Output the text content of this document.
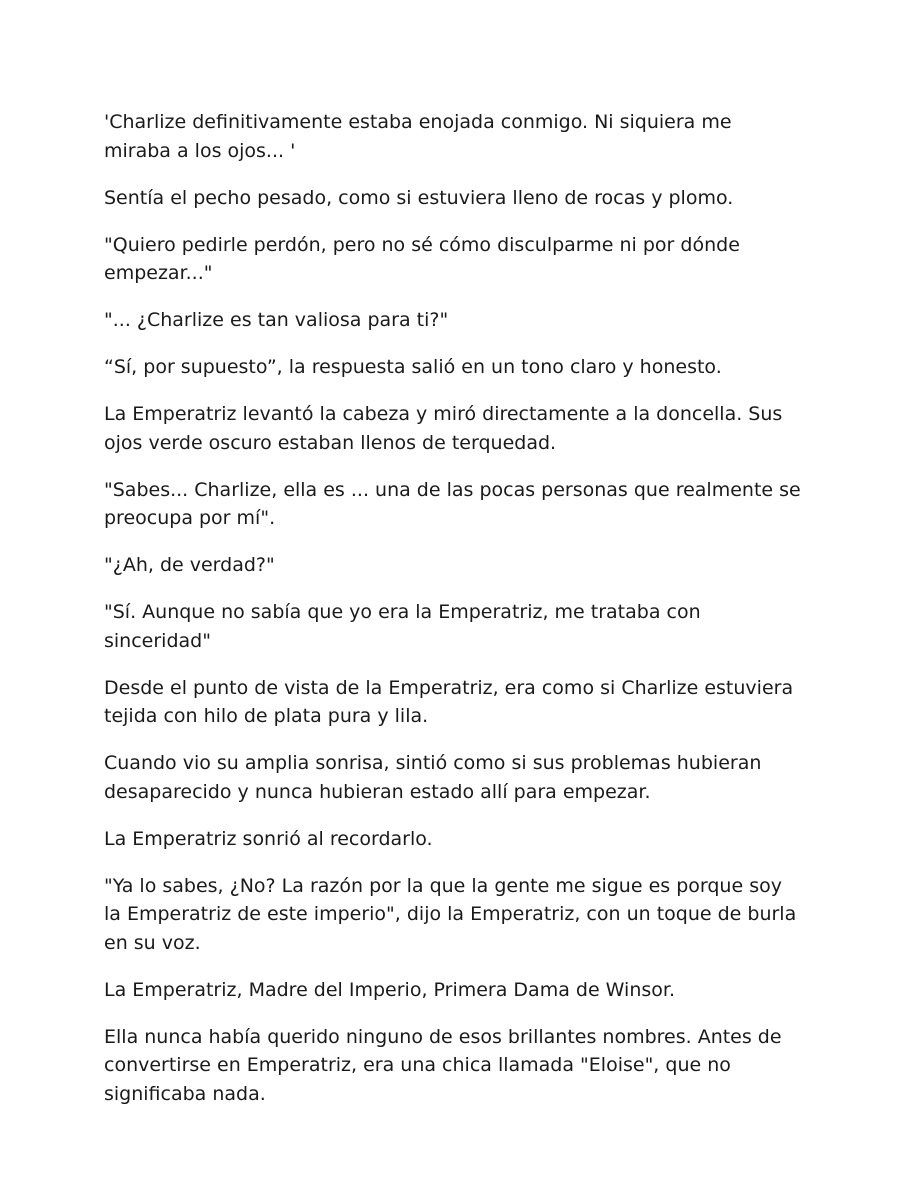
'Charlize definitivamente estaba enojada conmigo. Ni siquiera me miraba a los ojos... '

Sentía el pecho pesado, como si estuviera lleno de rocas y plomo.

"Quiero pedirle perdón, pero no sé cómo disculparme ni por dónde empezar..."

"... ¿Charlize es tan valiosa para ti?"

“Sí, por supuesto”, la respuesta salió en un tono claro y honesto.

La Emperatriz levantó la cabeza y miró directamente a la doncella. Sus ojos verde oscuro estaban llenos de terquedad.

"Sabes... Charlize, ella es ... una de las pocas personas que realmente se preocupa por mí".

"¿Ah, de verdad?"

"Sí. Aunque no sabía que yo era la Emperatriz, me trataba con sinceridad"

Desde el punto de vista de la Emperatriz, era como si Charlize estuviera tejida con hilo de plata pura y lila.

Cuando vio su amplia sonrisa, sintió como si sus problemas hubieran desaparecido y nunca hubieran estado allí para empezar.

La Emperatriz sonrió al recordarlo.

"Ya lo sabes, ¿No? La razón por la que la gente me sigue es porque soy la Emperatriz de este imperio", dijo la Emperatriz, con un toque de burla en su voz.

La Emperatriz, Madre del Imperio, Primera Dama de Winsor.

Ella nunca había querido ninguno de esos brillantes nombres. Antes de convertirse en Emperatriz, era una chica llamada "Eloise", que no significaba nada.
